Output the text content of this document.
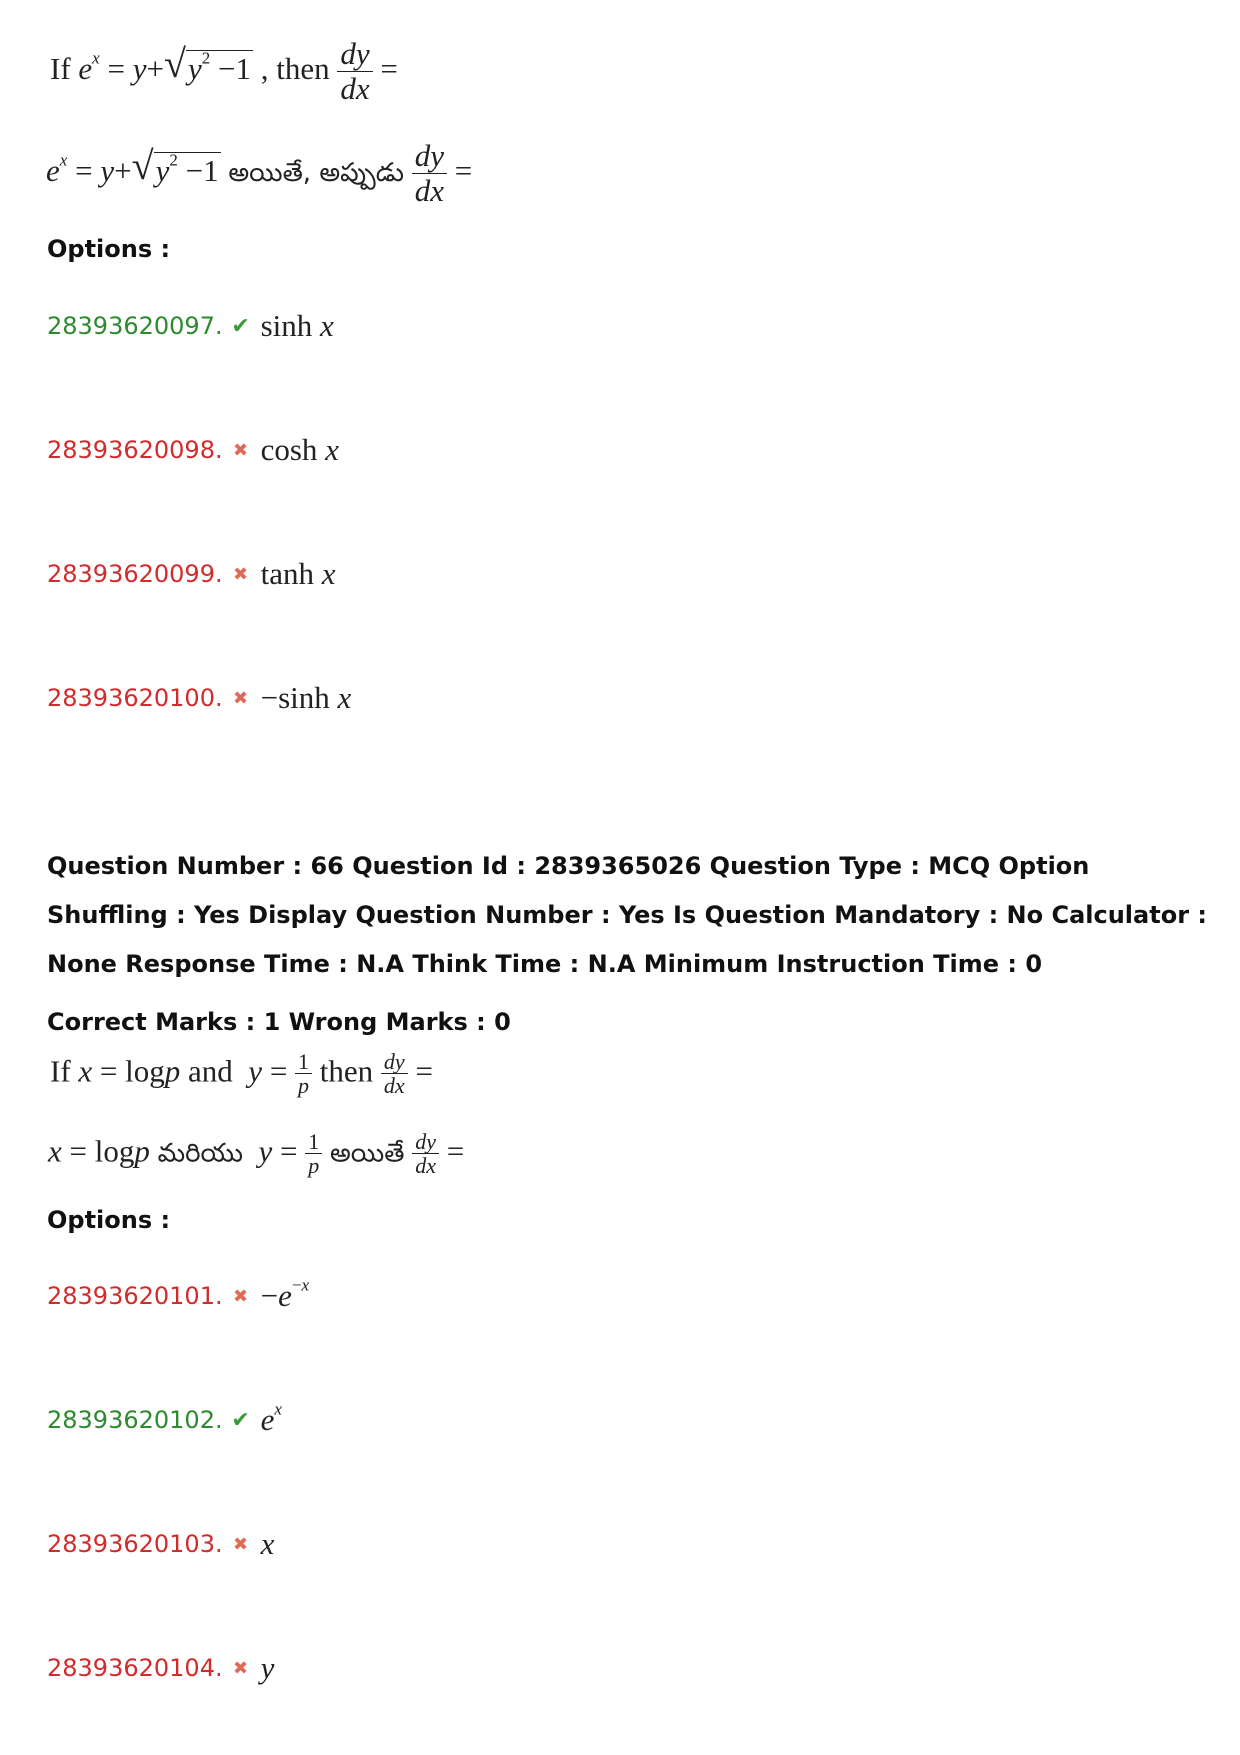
If $e^x = y+$ √ $y^2 -1$ , then $\frac{dy}{dx}$ =
$e^x = y+$ √ $y^2 -1$ అయితే, అప్పుడు $\frac{dy}{dx}$ =
Options :
28393620097. ✔ sinh x
28393620098. ✖ cosh x
28393620099. ✖ tanh x
28393620100. ✖ −sinh x
Question Number : 66 Question Id : 2839365026 Question Type : MCQ Option Shuffling : Yes Display Question Number : Yes Is Question Mandatory : No Calculator : None Response Time : N.A Think Time : N.A Minimum Instruction Time : 0
Correct Marks : 1 Wrong Marks : 0
If x = logp and $y = \frac{1}{p}$ then $\frac{dy}{dx}$ =
x = logp మరియు $y = \frac{1}{p}$ అయితే $\frac{dy}{dx}$ =
Options :
28393620101. ✖ $-e^{-x}$
28393620102. ✔ $e^x$
28393620103. ✖ x
28393620104. ✖ y
